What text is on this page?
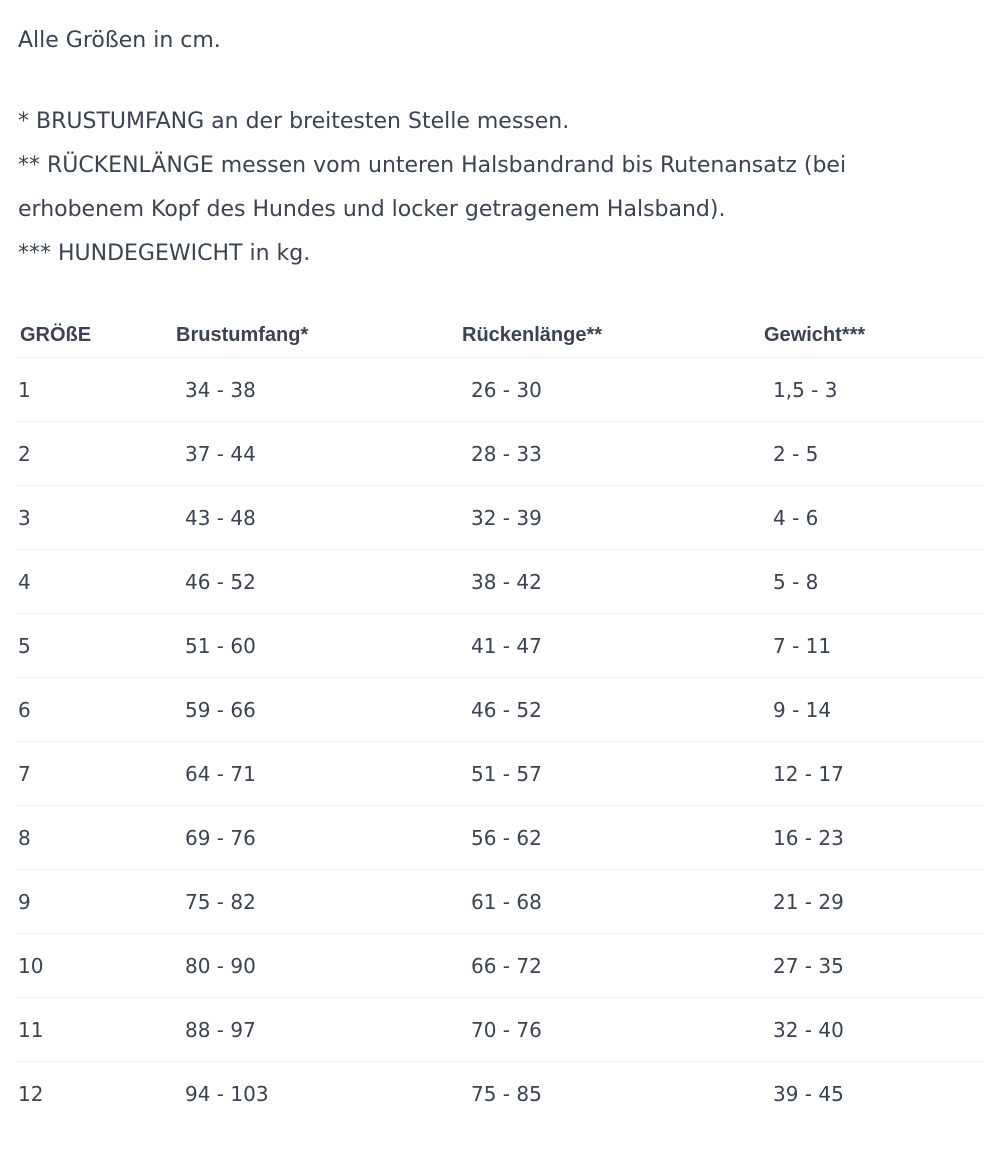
Alle Größen in cm.

* BRUSTUMFANG an der breitesten Stelle messen.

** RÜCKENLÄNGE messen vom unteren Halsbandrand bis Rutenansatz (bei erhobenem Kopf des Hundes und locker getragenem Halsband).

*** HUNDEGEWICHT in kg.

GRÖßE	Brustumfang*	Rückenlänge**	Gewicht***
1	34 - 38	26 - 30	1,5 - 3
2	37 - 44	28 - 33	2 - 5
3	43 - 48	32 - 39	4 - 6
4	46 - 52	38 - 42	5 - 8
5	51 - 60	41 - 47	7 - 11
6	59 - 66	46 - 52	9 - 14
7	64 - 71	51 - 57	12 - 17
8	69 - 76	56 - 62	16 - 23
9	75 - 82	61 - 68	21 - 29
10	80 - 90	66 - 72	27 - 35
11	88 - 97	70 - 76	32 - 40
12	94 - 103	75 - 85	39 - 45
